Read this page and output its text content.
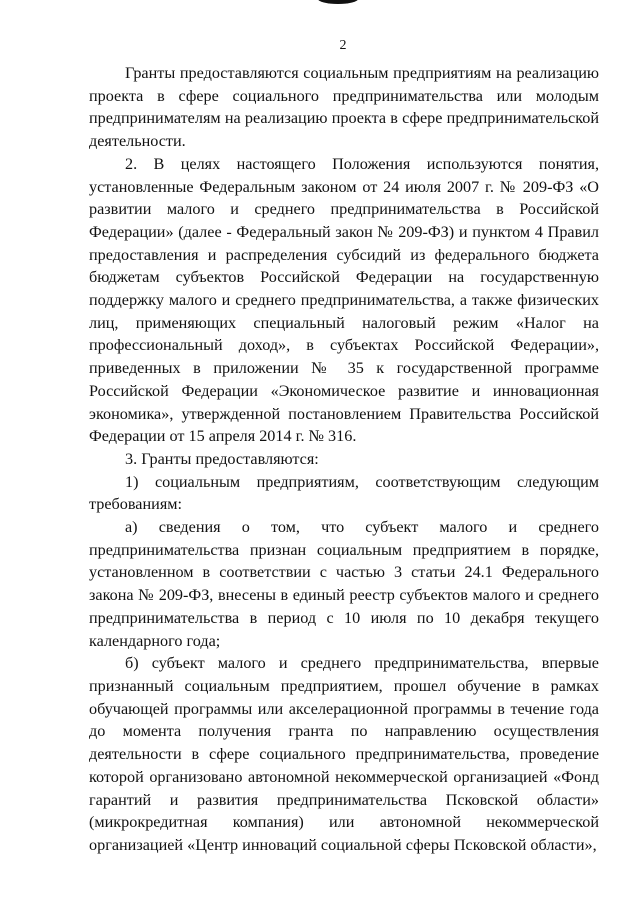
2

Гранты предоставляются социальным предприятиям на реализацию проекта в сфере социального предпринимательства или молодым предпринимателям на реализацию проекта в сфере предпринимательской деятельности.

2. В целях настоящего Положения используются понятия, установленные Федеральным законом от 24 июля 2007 г. № 209-ФЗ «О развитии малого и среднего предпринимательства в Российской Федерации» (далее - Федеральный закон № 209-ФЗ) и пунктом 4 Правил предоставления и распределения субсидий из федерального бюджета бюджетам субъектов Российской Федерации на государственную поддержку малого и среднего предпринимательства, а также физических лиц, применяющих специальный налоговый режим «Налог на профессиональный доход», в субъектах Российской Федерации», приведенных в приложении № 35 к государственной программе Российской Федерации «Экономическое развитие и инновационная экономика», утвержденной постановлением Правительства Российской Федерации от 15 апреля 2014 г. № 316.

3. Гранты предоставляются:

1) социальным предприятиям, соответствующим следующим требованиям:

а) сведения о том, что субъект малого и среднего предпринимательства признан социальным предприятием в порядке, установленном в соответствии с частью 3 статьи 24.1 Федерального закона № 209-ФЗ, внесены в единый реестр субъектов малого и среднего предпринимательства в период с 10 июля по 10 декабря текущего календарного года;

б) субъект малого и среднего предпринимательства, впервые признанный социальным предприятием, прошел обучение в рамках обучающей программы или акселерационной программы в течение года до момента получения гранта по направлению осуществления деятельности в сфере социального предпринимательства, проведение которой организовано автономной некоммерческой организацией «Фонд гарантий и развития предпринимательства Псковской области» (микрокредитная компания) или автономной некоммерческой организацией «Центр инноваций социальной сферы Псковской области»,
